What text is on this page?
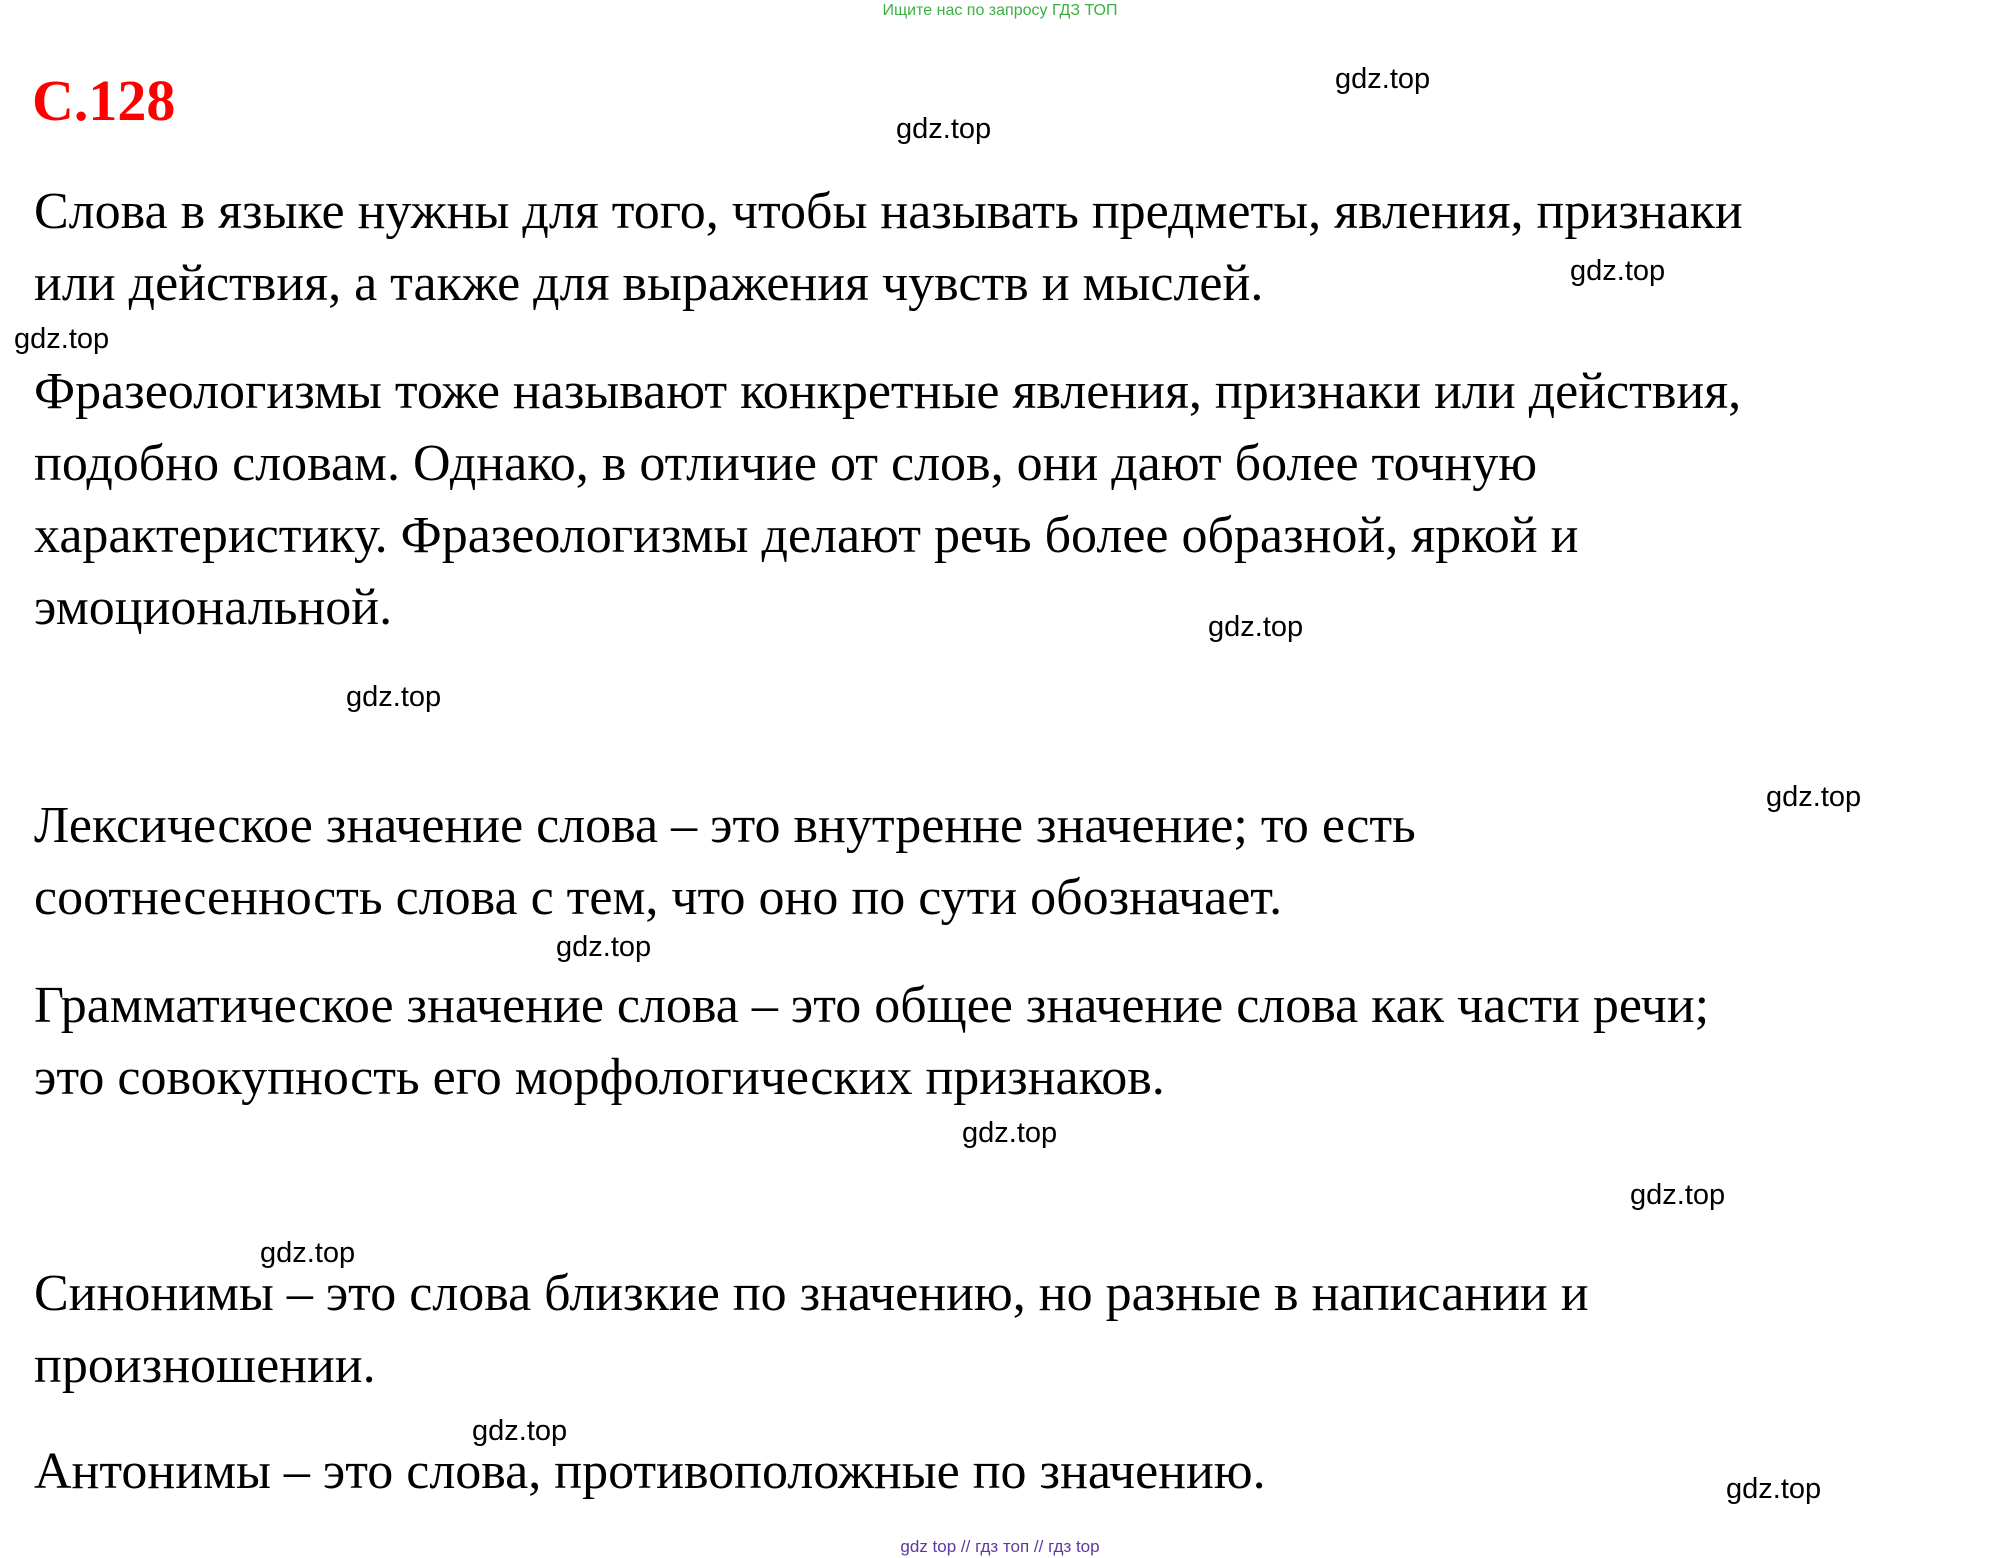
Ищите нас по запросу ГДЗ ТОП
С.128
Слова в языке нужны для того, чтобы называть предметы, явления, признаки
или действия, а также для выражения чувств и мыслей.
Фразеологизмы тоже называют конкретные явления, признаки или действия,
подобно словам. Однако, в отличие от слов, они дают более точную
характеристику. Фразеологизмы делают речь более образной, яркой и
эмоциональной.
Лексическое значение слова – это внутренне значение; то есть
соотнесенность слова с тем, что оно по сути обозначает.
Грамматическое значение слова – это общее значение слова как части речи;
это совокупность его морфологических признаков.
Синонимы – это слова близкие по значению, но разные в написании и
произношении.
Антонимы – это слова, противоположные по значению.
gdz.top
gdz.top
gdz.top
gdz.top
gdz.top
gdz.top
gdz.top
gdz.top
gdz.top
gdz.top
gdz.top
gdz.top
gdz.top
gdz top // гдз топ // гдз top
